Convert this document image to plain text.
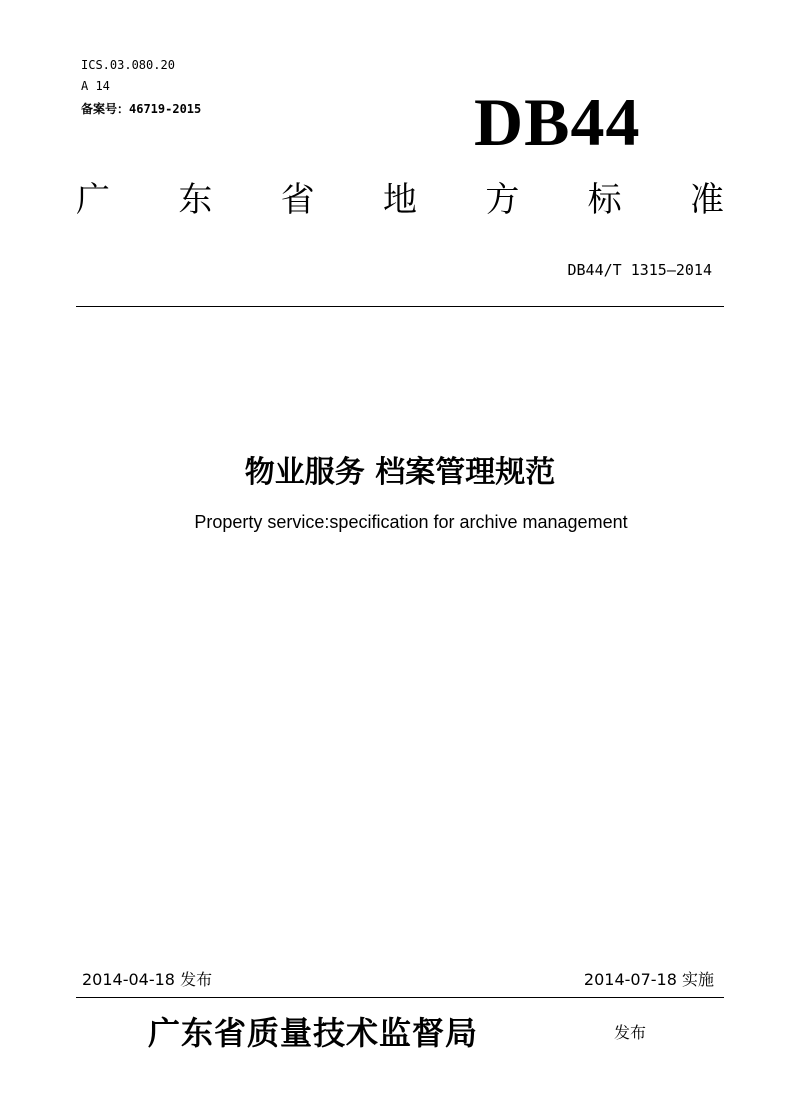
ICS.03.080.20
A 14
备案号：46719-2015	DB44
广 东 省 地 方 标 准
DB44/T 1315—2014
物业服务 档案管理规范
Property service:specification for archive management
2014-04-18 发布	2014-07-18 实施
广东省质量技术监督局	发布
